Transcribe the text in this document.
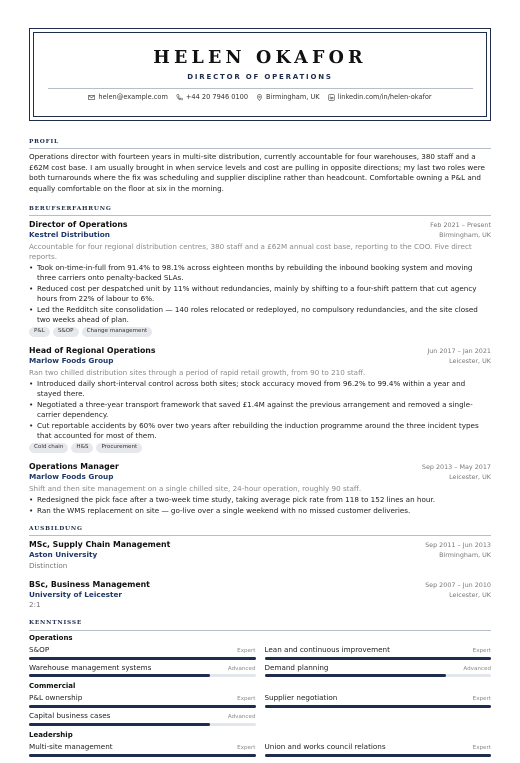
HELEN OKAFOR
DIRECTOR OF OPERATIONS
helen@example.com	+44 20 7946 0100	Birmingham, UK	linkedin.com/in/helen-okafor
PROFIL
Operations director with fourteen years in multi-site distribution, currently accountable for four warehouses, 380 staff and a £62M cost base. I am usually brought in when service levels and cost are pulling in opposite directions; my last two roles were both turnarounds where the fix was scheduling and supplier discipline rather than headcount. Comfortable owning a P&L and equally comfortable on the floor at six in the morning.
BERUFSERFAHRUNG
Director of Operations	Feb 2021 – Present
Kestrel Distribution	Birmingham, UK
Accountable for four regional distribution centres, 380 staff and a £62M annual cost base, reporting to the COO. Five direct reports.
• Took on-time-in-full from 91.4% to 98.1% across eighteen months by rebuilding the inbound booking system and moving three carriers onto penalty-backed SLAs.
• Reduced cost per despatched unit by 11% without redundancies, mainly by shifting to a four-shift pattern that cut agency hours from 22% of labour to 6%.
• Led the Redditch site consolidation — 140 roles relocated or redeployed, no compulsory redundancies, and the site closed two weeks ahead of plan.
P&L	S&OP	Change management
Head of Regional Operations	Jun 2017 – Jan 2021
Marlow Foods Group	Leicester, UK
Ran two chilled distribution sites through a period of rapid retail growth, from 90 to 210 staff.
• Introduced daily short-interval control across both sites; stock accuracy moved from 96.2% to 99.4% within a year and stayed there.
• Negotiated a three-year transport framework that saved £1.4M against the previous arrangement and removed a single-carrier dependency.
• Cut reportable accidents by 60% over two years after rebuilding the induction programme around the three incident types that accounted for most of them.
Cold chain	H&S	Procurement
Operations Manager	Sep 2013 – May 2017
Marlow Foods Group	Leicester, UK
Shift and then site management on a single chilled site, 24-hour operation, roughly 90 staff.
• Redesigned the pick face after a two-week time study, taking average pick rate from 118 to 152 lines an hour.
• Ran the WMS replacement on site — go-live over a single weekend with no missed customer deliveries.
AUSBILDUNG
MSc, Supply Chain Management	Sep 2011 – Jun 2013
Aston University	Birmingham, UK
Distinction
BSc, Business Management	Sep 2007 – Jun 2010
University of Leicester	Leicester, UK
2:1
KENNTNISSE
Operations
S&OP	Expert Lean and continuous improvement	Expert
Warehouse management systems	Advanced Demand planning	Advanced
Commercial
P&L ownership	Expert Supplier negotiation	Expert
Capital business cases	Advanced
Leadership
Multi-site management	Expert Union and works council relations	Expert
